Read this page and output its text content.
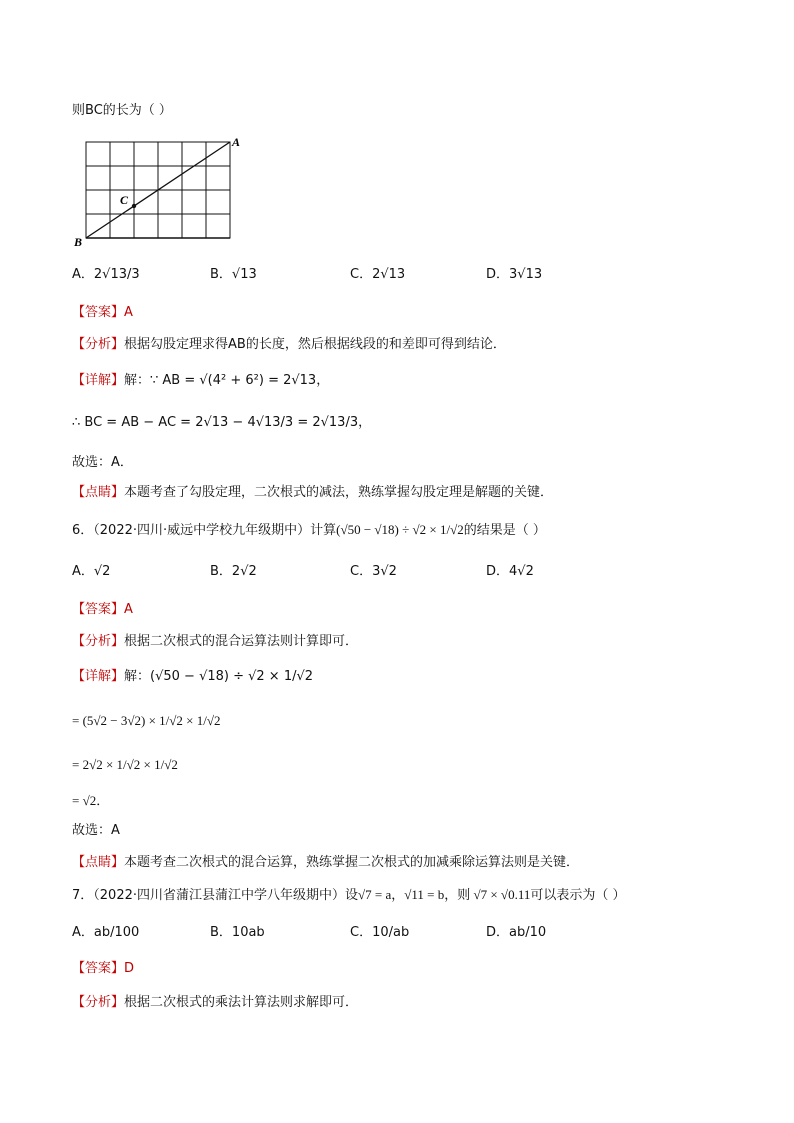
则BC的长为（ ）
A
B
C
A．2√13/3	B．√13	C．2√13	D．3√13
【答案】A
【分析】根据勾股定理求得AB的长度，然后根据线段的和差即可得到结论．
【详解】解：∵ AB = √(4² + 6²) = 2√13，
∴ BC = AB − AC = 2√13 − 4√13/3 = 2√13/3，
故选：A．
【点睛】本题考查了勾股定理，二次根式的减法，熟练掌握勾股定理是解题的关键．
6．（2022·四川·威远中学校九年级期中）计算(√50 − √18) ÷ √2 × 1/√2的结果是（ ）
A．√2	B．2√2	C．3√2	D．4√2
【答案】A
【分析】根据二次根式的混合运算法则计算即可．
【详解】解：(√50 − √18) ÷ √2 × 1/√2
= (5√2 − 3√2) × 1/√2 × 1/√2
= 2√2 × 1/√2 × 1/√2
= √2．
故选：A
【点睛】本题考查二次根式的混合运算，熟练掌握二次根式的加减乘除运算法则是关键．
7．（2022·四川省蒲江县蒲江中学八年级期中）设√7 = a，√11 = b，则 √7 × √0.11可以表示为（ ）
A．ab/100	B．10ab	C．10/ab	D．ab/10
【答案】D
【分析】根据二次根式的乘法计算法则求解即可．
